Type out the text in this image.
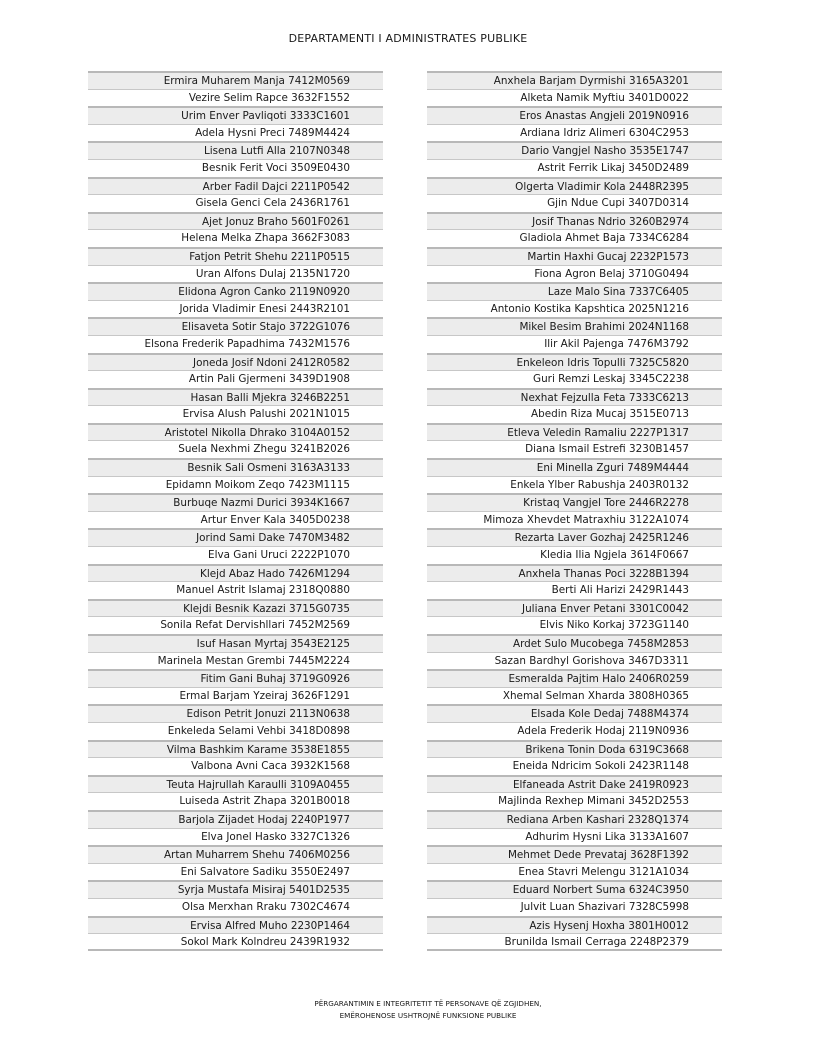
DEPARTAMENTI I ADMINISTRATES PUBLIKE
Ermira Muharem Manja 7412M0569
Vezire Selim Rapce 3632F1552
Urim Enver Pavliqoti 3333C1601
Adela Hysni Preci 7489M4424
Lisena Lutfi Alla 2107N0348
Besnik Ferit Voci 3509E0430
Arber Fadil Dajci 2211P0542
Gisela Genci Cela 2436R1761
Ajet Jonuz Braho 5601F0261
Helena Melka Zhapa 3662F3083
Fatjon Petrit Shehu 2211P0515
Uran Alfons Dulaj 2135N1720
Elidona Agron Canko 2119N0920
Jorida Vladimir Enesi 2443R2101
Elisaveta Sotir Stajo 3722G1076
Elsona Frederik Papadhima 7432M1576
Joneda Josif Ndoni 2412R0582
Artin Pali Gjermeni 3439D1908
Hasan Balli Mjekra 3246B2251
Ervisa Alush Palushi 2021N1015
Aristotel Nikolla Dhrako 3104A0152
Suela Nexhmi Zhegu 3241B2026
Besnik Sali Osmeni 3163A3133
Epidamn Moikom Zeqo 7423M1115
Burbuqe Nazmi Durici 3934K1667
Artur Enver Kala 3405D0238
Jorind Sami Dake 7470M3482
Elva Gani Uruci 2222P1070
Klejd Abaz Hado 7426M1294
Manuel Astrit Islamaj 2318Q0880
Klejdi Besnik Kazazi 3715G0735
Sonila Refat Dervishllari 7452M2569
Isuf Hasan Myrtaj 3543E2125
Marinela Mestan Grembi 7445M2224
Fitim Gani Buhaj 3719G0926
Ermal Barjam Yzeiraj 3626F1291
Edison Petrit Jonuzi 2113N0638
Enkeleda Selami Vehbi 3418D0898
Vilma Bashkim Karame 3538E1855
Valbona Avni Caca 3932K1568
Teuta Hajrullah Karaulli 3109A0455
Luiseda Astrit Zhapa 3201B0018
Barjola Zijadet Hodaj 2240P1977
Elva Jonel Hasko 3327C1326
Artan Muharrem Shehu 7406M0256
Eni Salvatore Sadiku 3550E2497
Syrja Mustafa Misiraj 5401D2535
Olsa Merxhan Rraku 7302C4674
Ervisa Alfred Muho 2230P1464
Sokol Mark Kolndreu 2439R1932
Anxhela Barjam Dyrmishi 3165A3201
Alketa Namik Myftiu 3401D0022
Eros Anastas Angjeli 2019N0916
Ardiana Idriz Alimeri 6304C2953
Dario Vangjel Nasho 3535E1747
Astrit Ferrik Likaj 3450D2489
Olgerta Vladimir Kola 2448R2395
Gjin Ndue Cupi 3407D0314
Josif Thanas Ndrio 3260B2974
Gladiola Ahmet Baja 7334C6284
Martin Haxhi Gucaj 2232P1573
Fiona Agron Belaj 3710G0494
Laze Malo Sina 7337C6405
Antonio Kostika Kapshtica 2025N1216
Mikel Besim Brahimi 2024N1168
Ilir Akil Pajenga 7476M3792
Enkeleon Idris Topulli 7325C5820
Guri Remzi Leskaj 3345C2238
Nexhat Fejzulla Feta 7333C6213
Abedin Riza Mucaj 3515E0713
Etleva Veledin Ramaliu 2227P1317
Diana Ismail Estrefi 3230B1457
Eni Minella Zguri 7489M4444
Enkela Ylber Rabushja 2403R0132
Kristaq Vangjel Tore 2446R2278
Mimoza Xhevdet Matraxhiu 3122A1074
Rezarta Laver Gozhaj 2425R1246
Kledia Ilia Ngjela 3614F0667
Anxhela Thanas Poci 3228B1394
Berti Ali Harizi 2429R1443
Juliana Enver Petani 3301C0042
Elvis Niko Korkaj 3723G1140
Ardet Sulo Mucobega 7458M2853
Sazan Bardhyl Gorishova 3467D3311
Esmeralda Pajtim Halo 2406R0259
Xhemal Selman Xharda 3808H0365
Elsada Kole Dedaj 7488M4374
Adela Frederik Hodaj 2119N0936
Brikena Tonin Doda 6319C3668
Eneida Ndricim Sokoli 2423R1148
Elfaneada Astrit Dake 2419R0923
Majlinda Rexhep Mimani 3452D2553
Rediana Arben Kashari 2328Q1374
Adhurim Hysni Lika 3133A1607
Mehmet Dede Prevataj 3628F1392
Enea Stavri Melengu 3121A1034
Eduard Norbert Suma 6324C3950
Julvit Luan Shazivari 7328C5998
Azis Hysenj Hoxha 3801H0012
Brunilda Ismail Cerraga 2248P2379
PËRGARANTIMIN E INTEGRITETIT TË PERSONAVE QË ZGJIDHEN,
EMËROHENOSE USHTROJNË FUNKSIONE PUBLIKE
